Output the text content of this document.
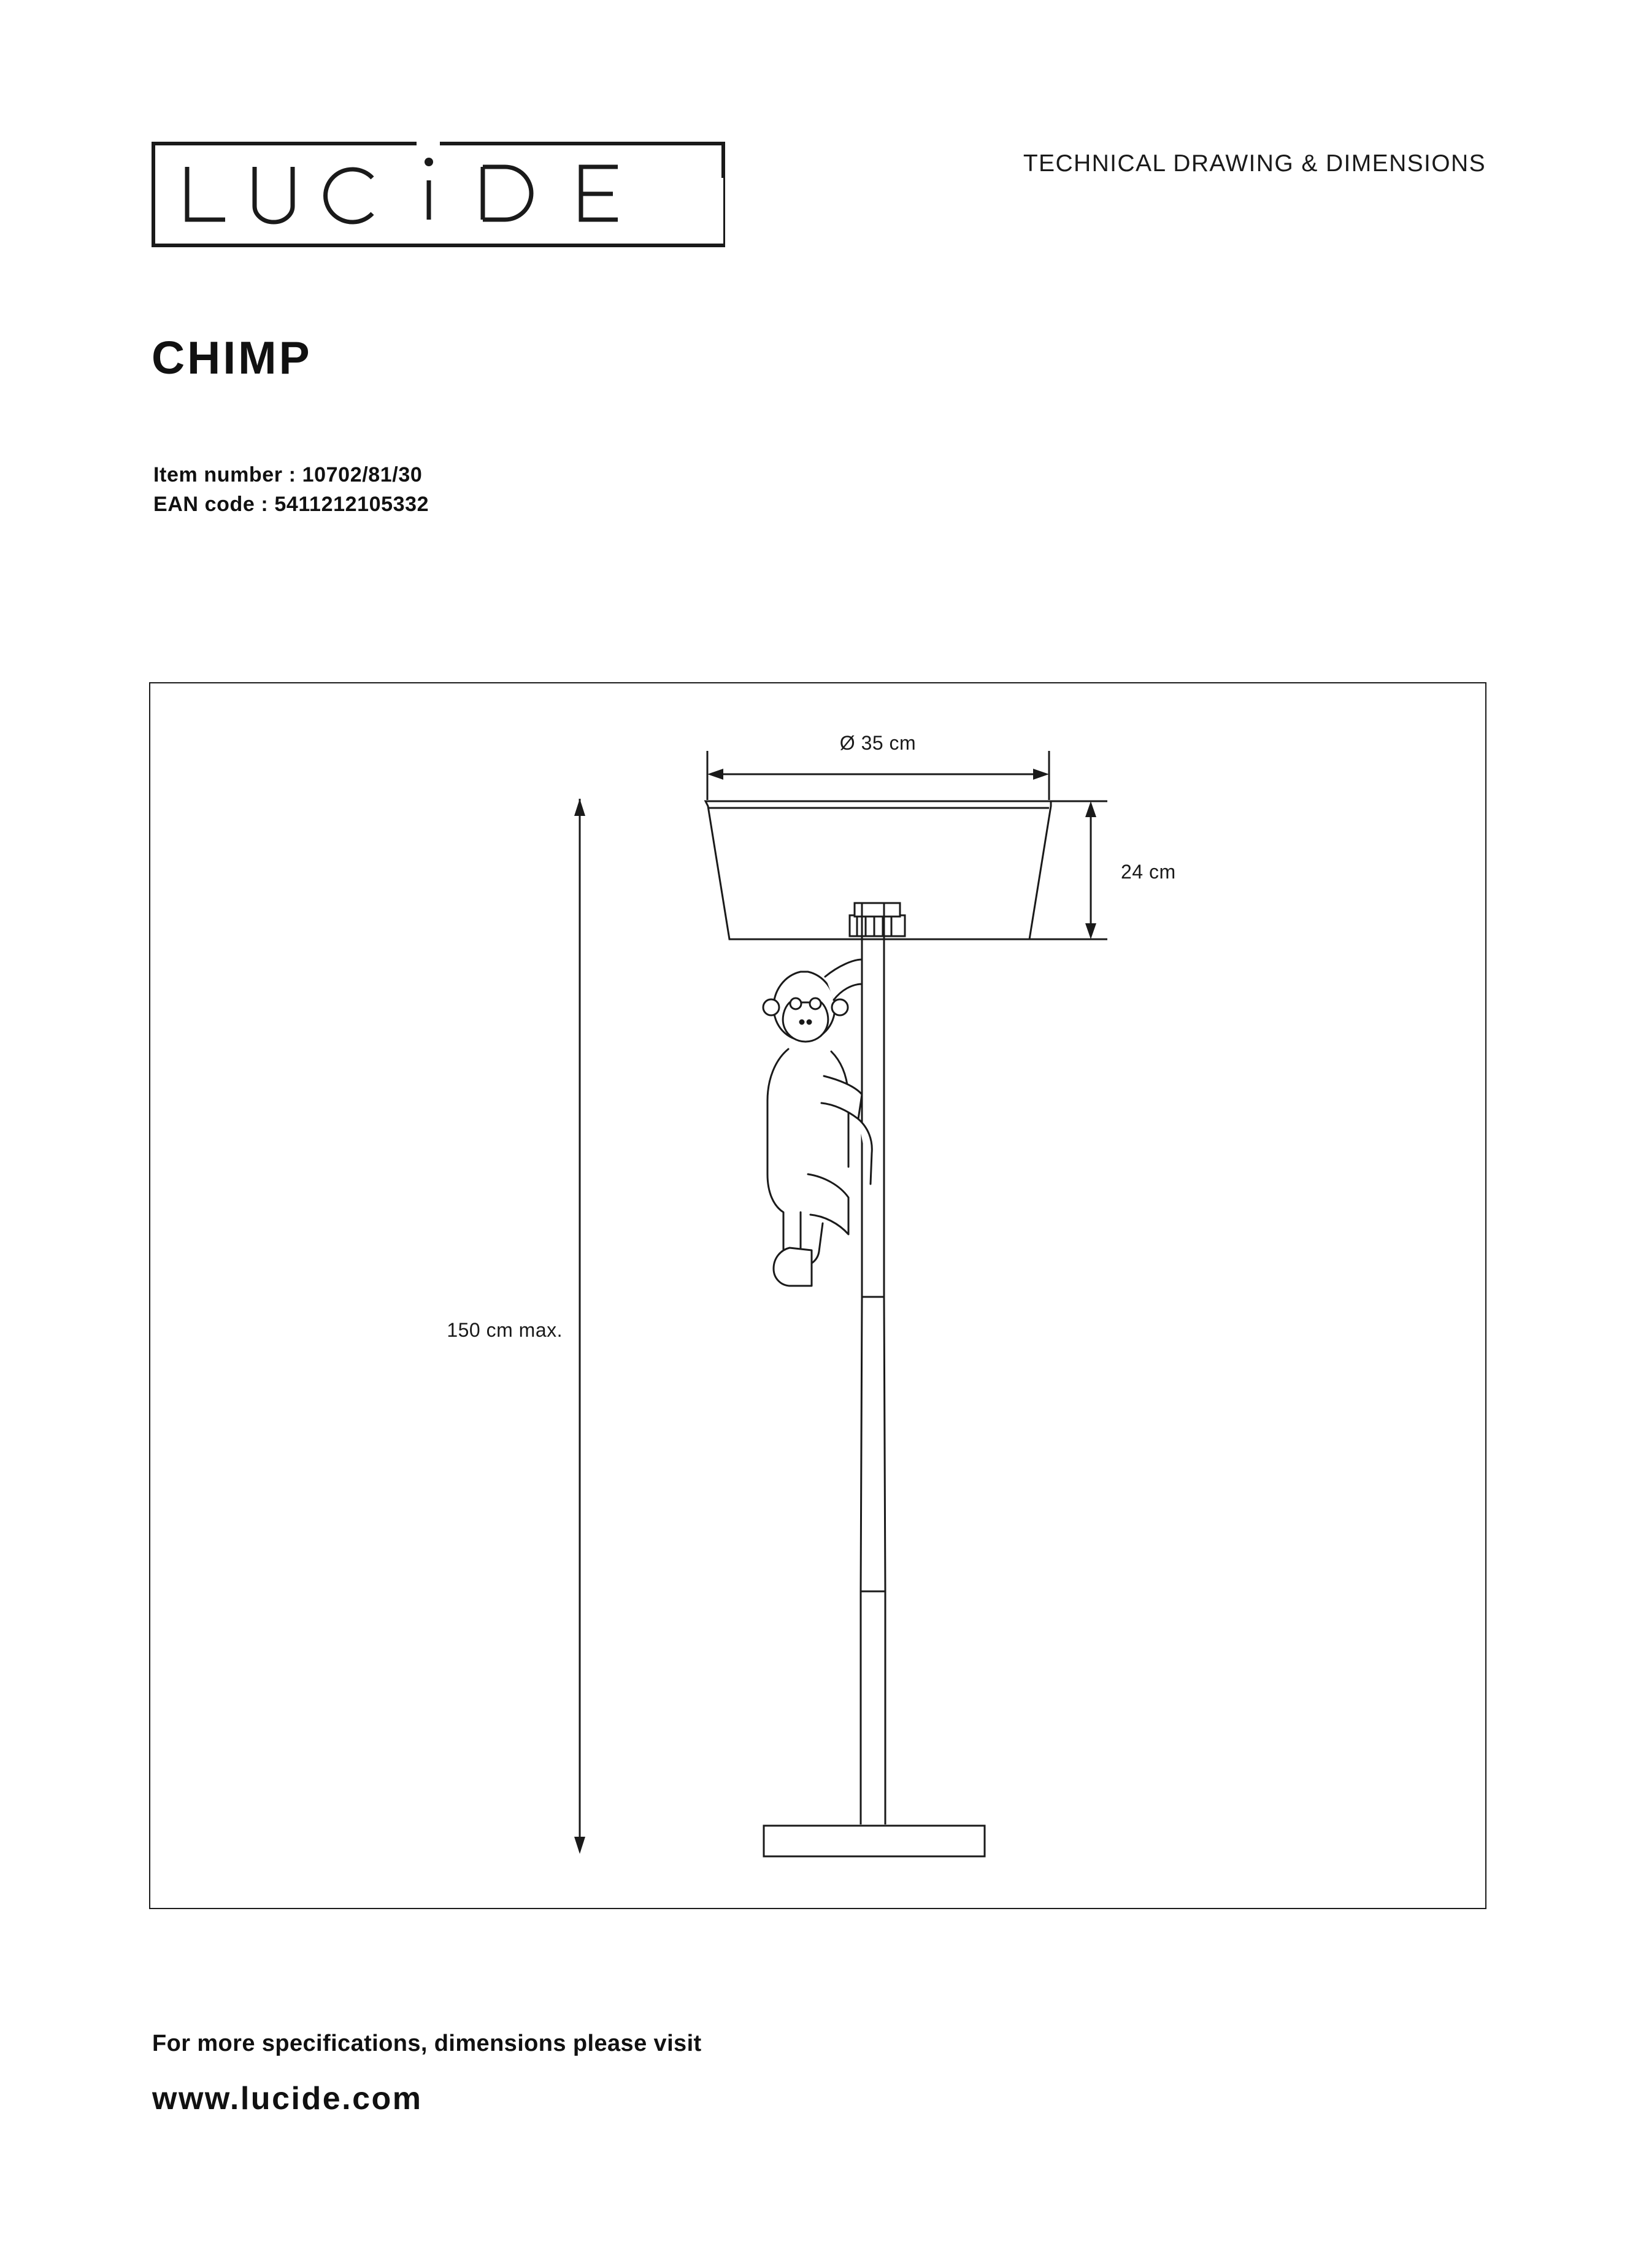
TECHNICAL DRAWING & DIMENSIONS
CHIMP
Item number : 10702/81/30
EAN code : 5411212105332
Ø 35 cm
24 cm
150 cm max.
For more specifications, dimensions please visit
www.lucide.com
